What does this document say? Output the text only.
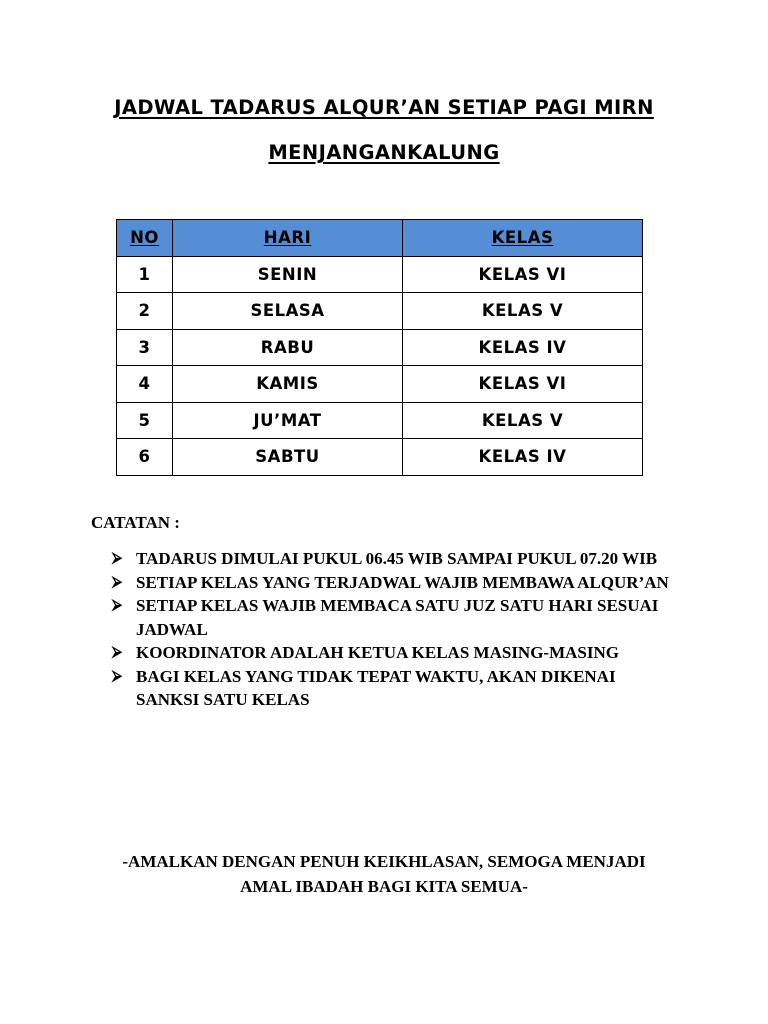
JADWAL TADARUS ALQUR’AN SETIAP PAGI MIRN
MENJANGANKALUNG
NO	HARI	KELAS
1	SENIN	KELAS VI
2	SELASA	KELAS V
3	RABU	KELAS IV
4	KAMIS	KELAS VI
5	JU’MAT	KELAS V
6	SABTU	KELAS IV
CATATAN :
⮚ TADARUS DIMULAI PUKUL 06.45 WIB SAMPAI PUKUL 07.20 WIB
⮚ SETIAP KELAS YANG TERJADWAL WAJIB MEMBAWA ALQUR’AN
⮚ SETIAP KELAS WAJIB MEMBACA SATU JUZ SATU HARI SESUAI JADWAL
⮚ KOORDINATOR ADALAH KETUA KELAS MASING-MASING
⮚ BAGI KELAS YANG TIDAK TEPAT WAKTU, AKAN DIKENAI SANKSI SATU KELAS
-AMALKAN DENGAN PENUH KEIKHLASAN, SEMOGA MENJADI
AMAL IBADAH BAGI KITA SEMUA-
